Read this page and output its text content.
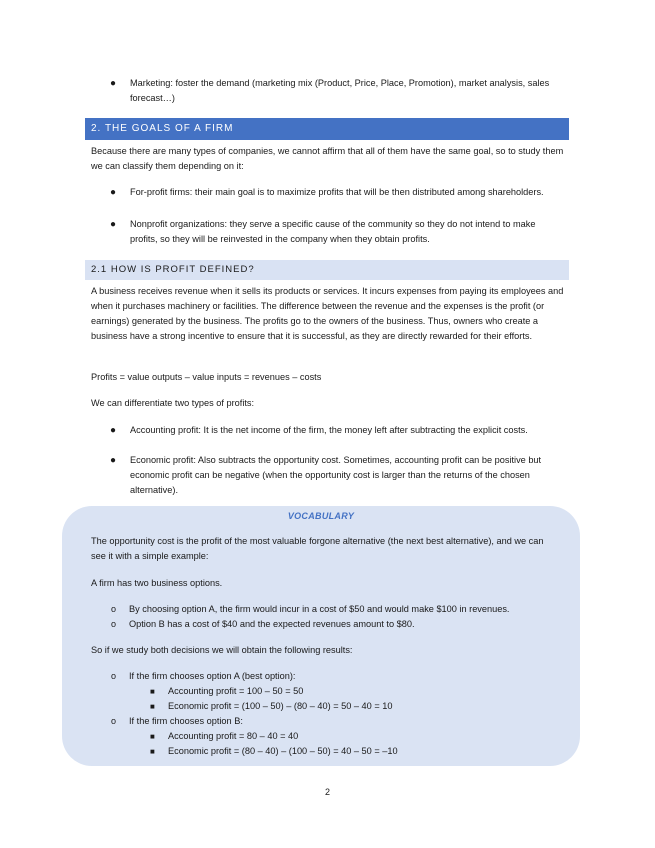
● Marketing: foster the demand (marketing mix (Product, Price, Place, Promotion), market analysis, sales forecast…)
2. THE GOALS OF A FIRM
Because there are many types of companies, we cannot affirm that all of them have the same goal, so to study them we can classify them depending on it:
● For-profit firms: their main goal is to maximize profits that will be then distributed among shareholders.
● Nonprofit organizations: they serve a specific cause of the community so they do not intend to make profits, so they will be reinvested in the company when they obtain profits.
2.1 HOW IS PROFIT DEFINED?
A business receives revenue when it sells its products or services. It incurs expenses from paying its employees and when it purchases machinery or facilities. The difference between the revenue and the expenses is the profit (or earnings) generated by the business. The profits go to the owners of the business. Thus, owners who create a business have a strong incentive to ensure that it is successful, as they are directly rewarded for their efforts.
Profits = value outputs – value inputs = revenues – costs
We can differentiate two types of profits:
● Accounting profit: It is the net income of the firm, the money left after subtracting the explicit costs.
● Economic profit: Also subtracts the opportunity cost. Sometimes, accounting profit can be positive but economic profit can be negative (when the opportunity cost is larger than the returns of the chosen alternative).
VOCABULARY
The opportunity cost is the profit of the most valuable forgone alternative (the next best alternative), and we can see it with a simple example:
A firm has two business options.
o By choosing option A, the firm would incur in a cost of $50 and would make $100 in revenues.
o Option B has a cost of $40 and the expected revenues amount to $80.
So if we study both decisions we will obtain the following results:
o If the firm chooses option A (best option):
■ Accounting profit = 100 – 50 = 50
■ Economic profit = (100 – 50) – (80 – 40) = 50 – 40 = 10
o If the firm chooses option B:
■ Accounting profit = 80 – 40 = 40
■ Economic profit = (80 – 40) – (100 – 50) = 40 – 50 = –10
2
